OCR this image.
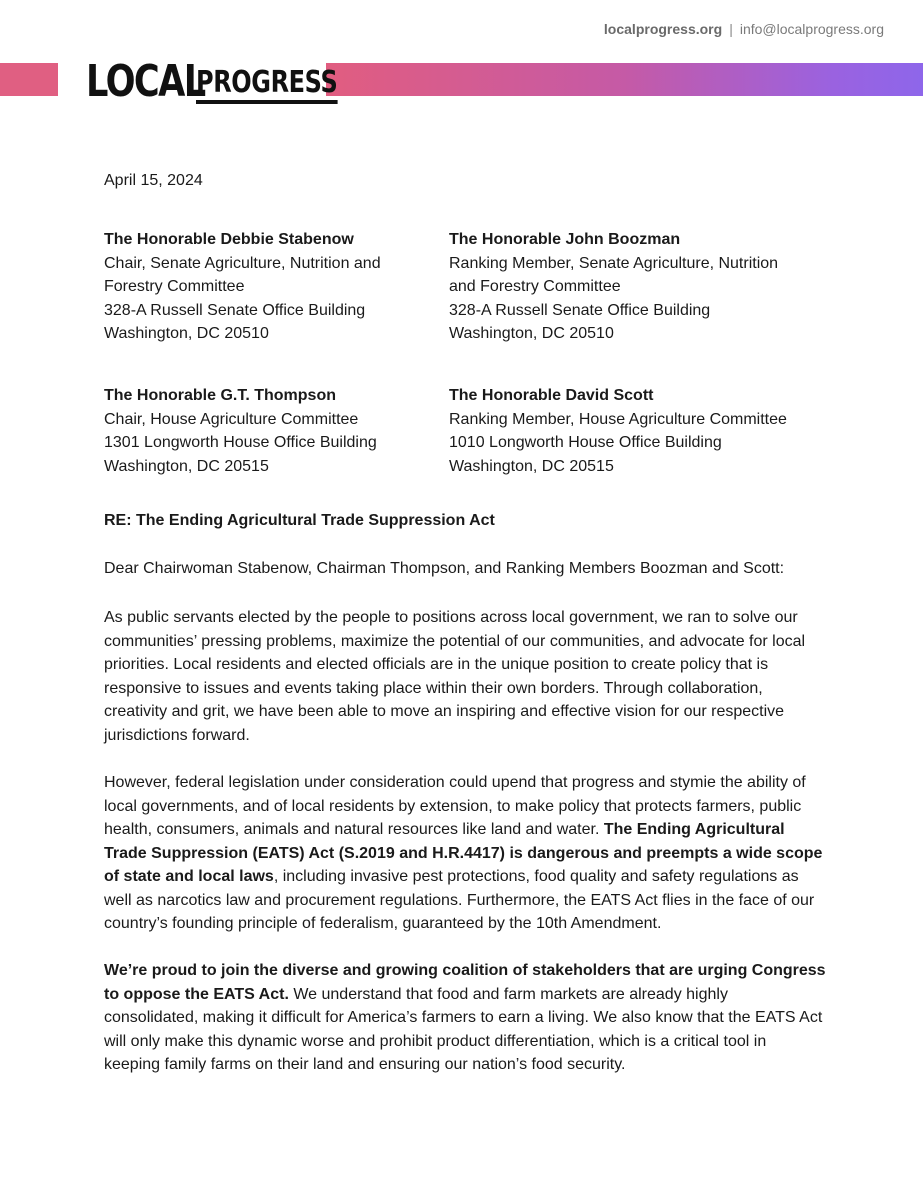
localprogress.org | info@localprogress.org
LOCAL
PROGRESS
April 15, 2024
The Honorable Debbie Stabenow
Chair, Senate Agriculture, Nutrition and
Forestry Committee
328-A Russell Senate Office Building
Washington, DC 20510
The Honorable John Boozman
Ranking Member, Senate Agriculture, Nutrition
and Forestry Committee
328-A Russell Senate Office Building
Washington, DC 20510
The Honorable G.T. Thompson
Chair, House Agriculture Committee
1301 Longworth House Office Building
Washington, DC 20515
The Honorable David Scott
Ranking Member, House Agriculture Committee
1010 Longworth House Office Building
Washington, DC 20515
RE: The Ending Agricultural Trade Suppression Act
Dear Chairwoman Stabenow, Chairman Thompson, and Ranking Members Boozman and Scott:
As public servants elected by the people to positions across local government, we ran to solve our communities’ pressing problems, maximize the potential of our communities, and advocate for local priorities. Local residents and elected officials are in the unique position to create policy that is responsive to issues and events taking place within their own borders. Through collaboration, creativity and grit, we have been able to move an inspiring and effective vision for our respective jurisdictions forward.
However, federal legislation under consideration could upend that progress and stymie the ability of local governments, and of local residents by extension, to make policy that protects farmers, public health, consumers, animals and natural resources like land and water. The Ending Agricultural Trade Suppression (EATS) Act (S.2019 and H.R.4417) is dangerous and preempts a wide scope of state and local laws, including invasive pest protections, food quality and safety regulations as well as narcotics law and procurement regulations. Furthermore, the EATS Act flies in the face of our country’s founding principle of federalism, guaranteed by the 10th Amendment.
We’re proud to join the diverse and growing coalition of stakeholders that are urging Congress to oppose the EATS Act. We understand that food and farm markets are already highly consolidated, making it difficult for America’s farmers to earn a living. We also know that the EATS Act will only make this dynamic worse and prohibit product differentiation, which is a critical tool in keeping family farms on their land and ensuring our nation’s food security.
